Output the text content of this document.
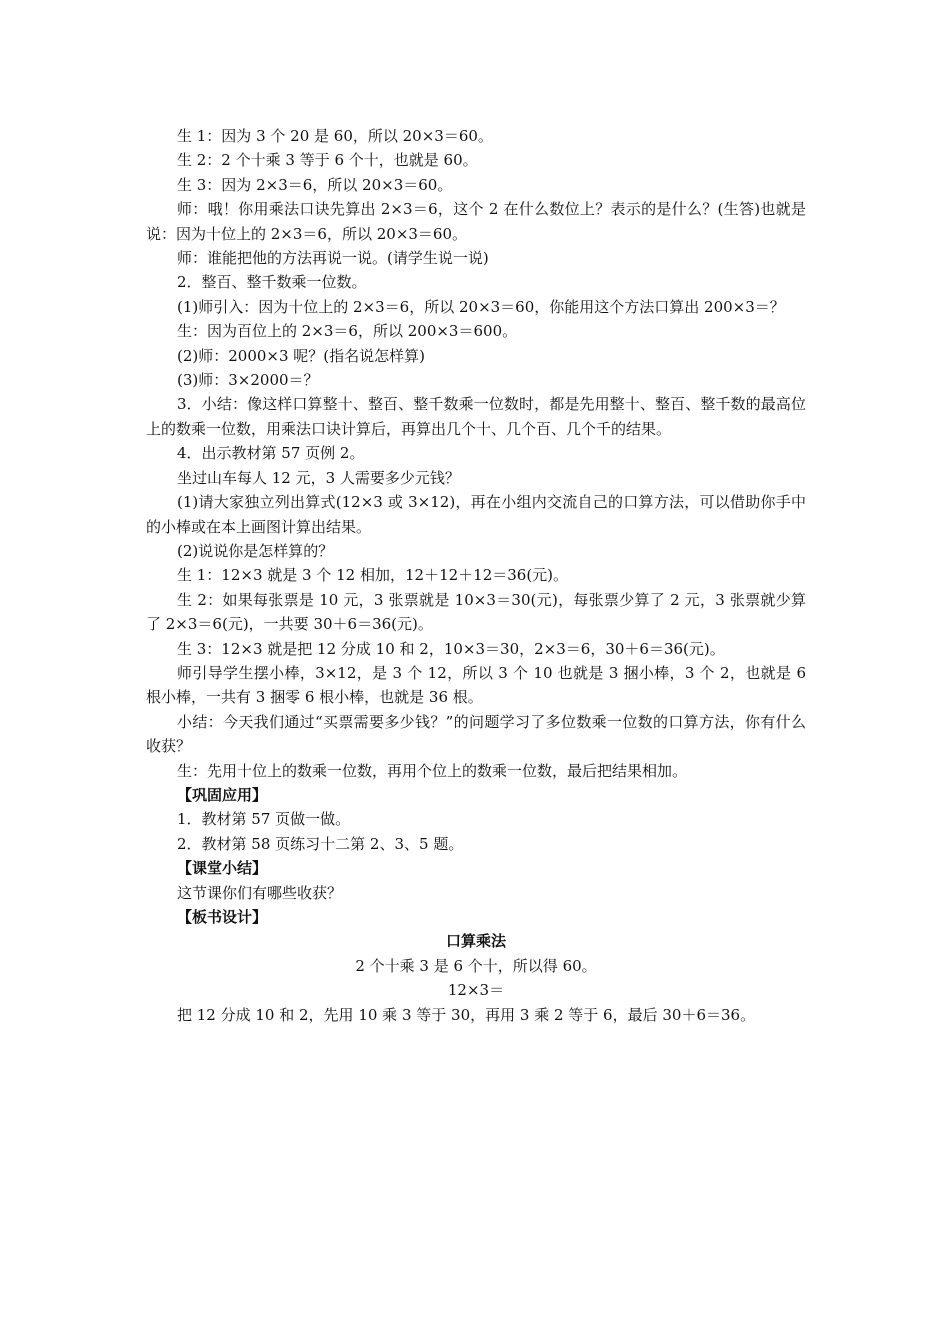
生 1：因为 3 个 20 是 60，所以 20×3＝60。

生 2：2 个十乘 3 等于 6 个十，也就是 60。

生 3：因为 2×3＝6，所以 20×3＝60。

师：哦！你用乘法口诀先算出 2×3＝6，这个 2 在什么数位上？表示的是什么？(生答)也就是说：因为十位上的 2×3＝6，所以 20×3＝60。

师：谁能把他的方法再说一说。(请学生说一说)

2．整百、整千数乘一位数。

(1)师引入：因为十位上的 2×3＝6，所以 20×3＝60，你能用这个方法口算出 200×3＝？

生：因为百位上的 2×3＝6，所以 200×3＝600。

(2)师：2000×3 呢？(指名说怎样算)

(3)师：3×2000＝？

3．小结：像这样口算整十、整百、整千数乘一位数时，都是先用整十、整百、整千数的最高位上的数乘一位数，用乘法口诀计算后，再算出几个十、几个百、几个千的结果。

4．出示教材第 57 页例 2。

坐过山车每人 12 元，3 人需要多少元钱？

(1)请大家独立列出算式(12×3 或 3×12)，再在小组内交流自己的口算方法，可以借助你手中的小棒或在本上画图计算出结果。

(2)说说你是怎样算的？

生 1：12×3 就是 3 个 12 相加，12＋12＋12＝36(元)。

生 2：如果每张票是 10 元，3 张票就是 10×3＝30(元)，每张票少算了 2 元，3 张票就少算了 2×3＝6(元)，一共要 30＋6＝36(元)。

生 3：12×3 就是把 12 分成 10 和 2，10×3＝30，2×3＝6，30＋6＝36(元)。

师引导学生摆小棒，3×12，是 3 个 12，所以 3 个 10 也就是 3 捆小棒，3 个 2，也就是 6 根小棒，一共有 3 捆零 6 根小棒，也就是 36 根。

小结：今天我们通过“买票需要多少钱？”的问题学习了多位数乘一位数的口算方法，你有什么收获？

生：先用十位上的数乘一位数，再用个位上的数乘一位数，最后把结果相加。

【巩固应用】

1．教材第 57 页做一做。

2．教材第 58 页练习十二第 2、3、5 题。

【课堂小结】

这节课你们有哪些收获？

【板书设计】

口算乘法

2 个十乘 3 是 6 个十，所以得 60。

12×3＝

把 12 分成 10 和 2，先用 10 乘 3 等于 30，再用 3 乘 2 等于 6，最后 30＋6＝36。
